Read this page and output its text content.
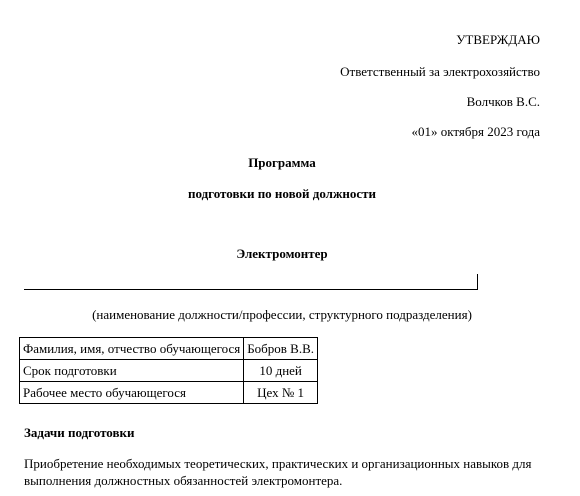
УТВЕРЖДАЮ
Ответственный за электрохозяйство
Волчков В.С.
«01» октября 2023 года
Программа
подготовки по новой должности
Электромонтер
(наименование должности/профессии, структурного подразделения)
Фамилия, имя, отчество обучающегося	Бобров В.В.
Срок подготовки	10 дней
Рабочее место обучающегося	Цех № 1
Задачи подготовки
Приобретение необходимых теоретических, практических и организационных навыков для
выполнения должностных обязанностей электромонтера.
